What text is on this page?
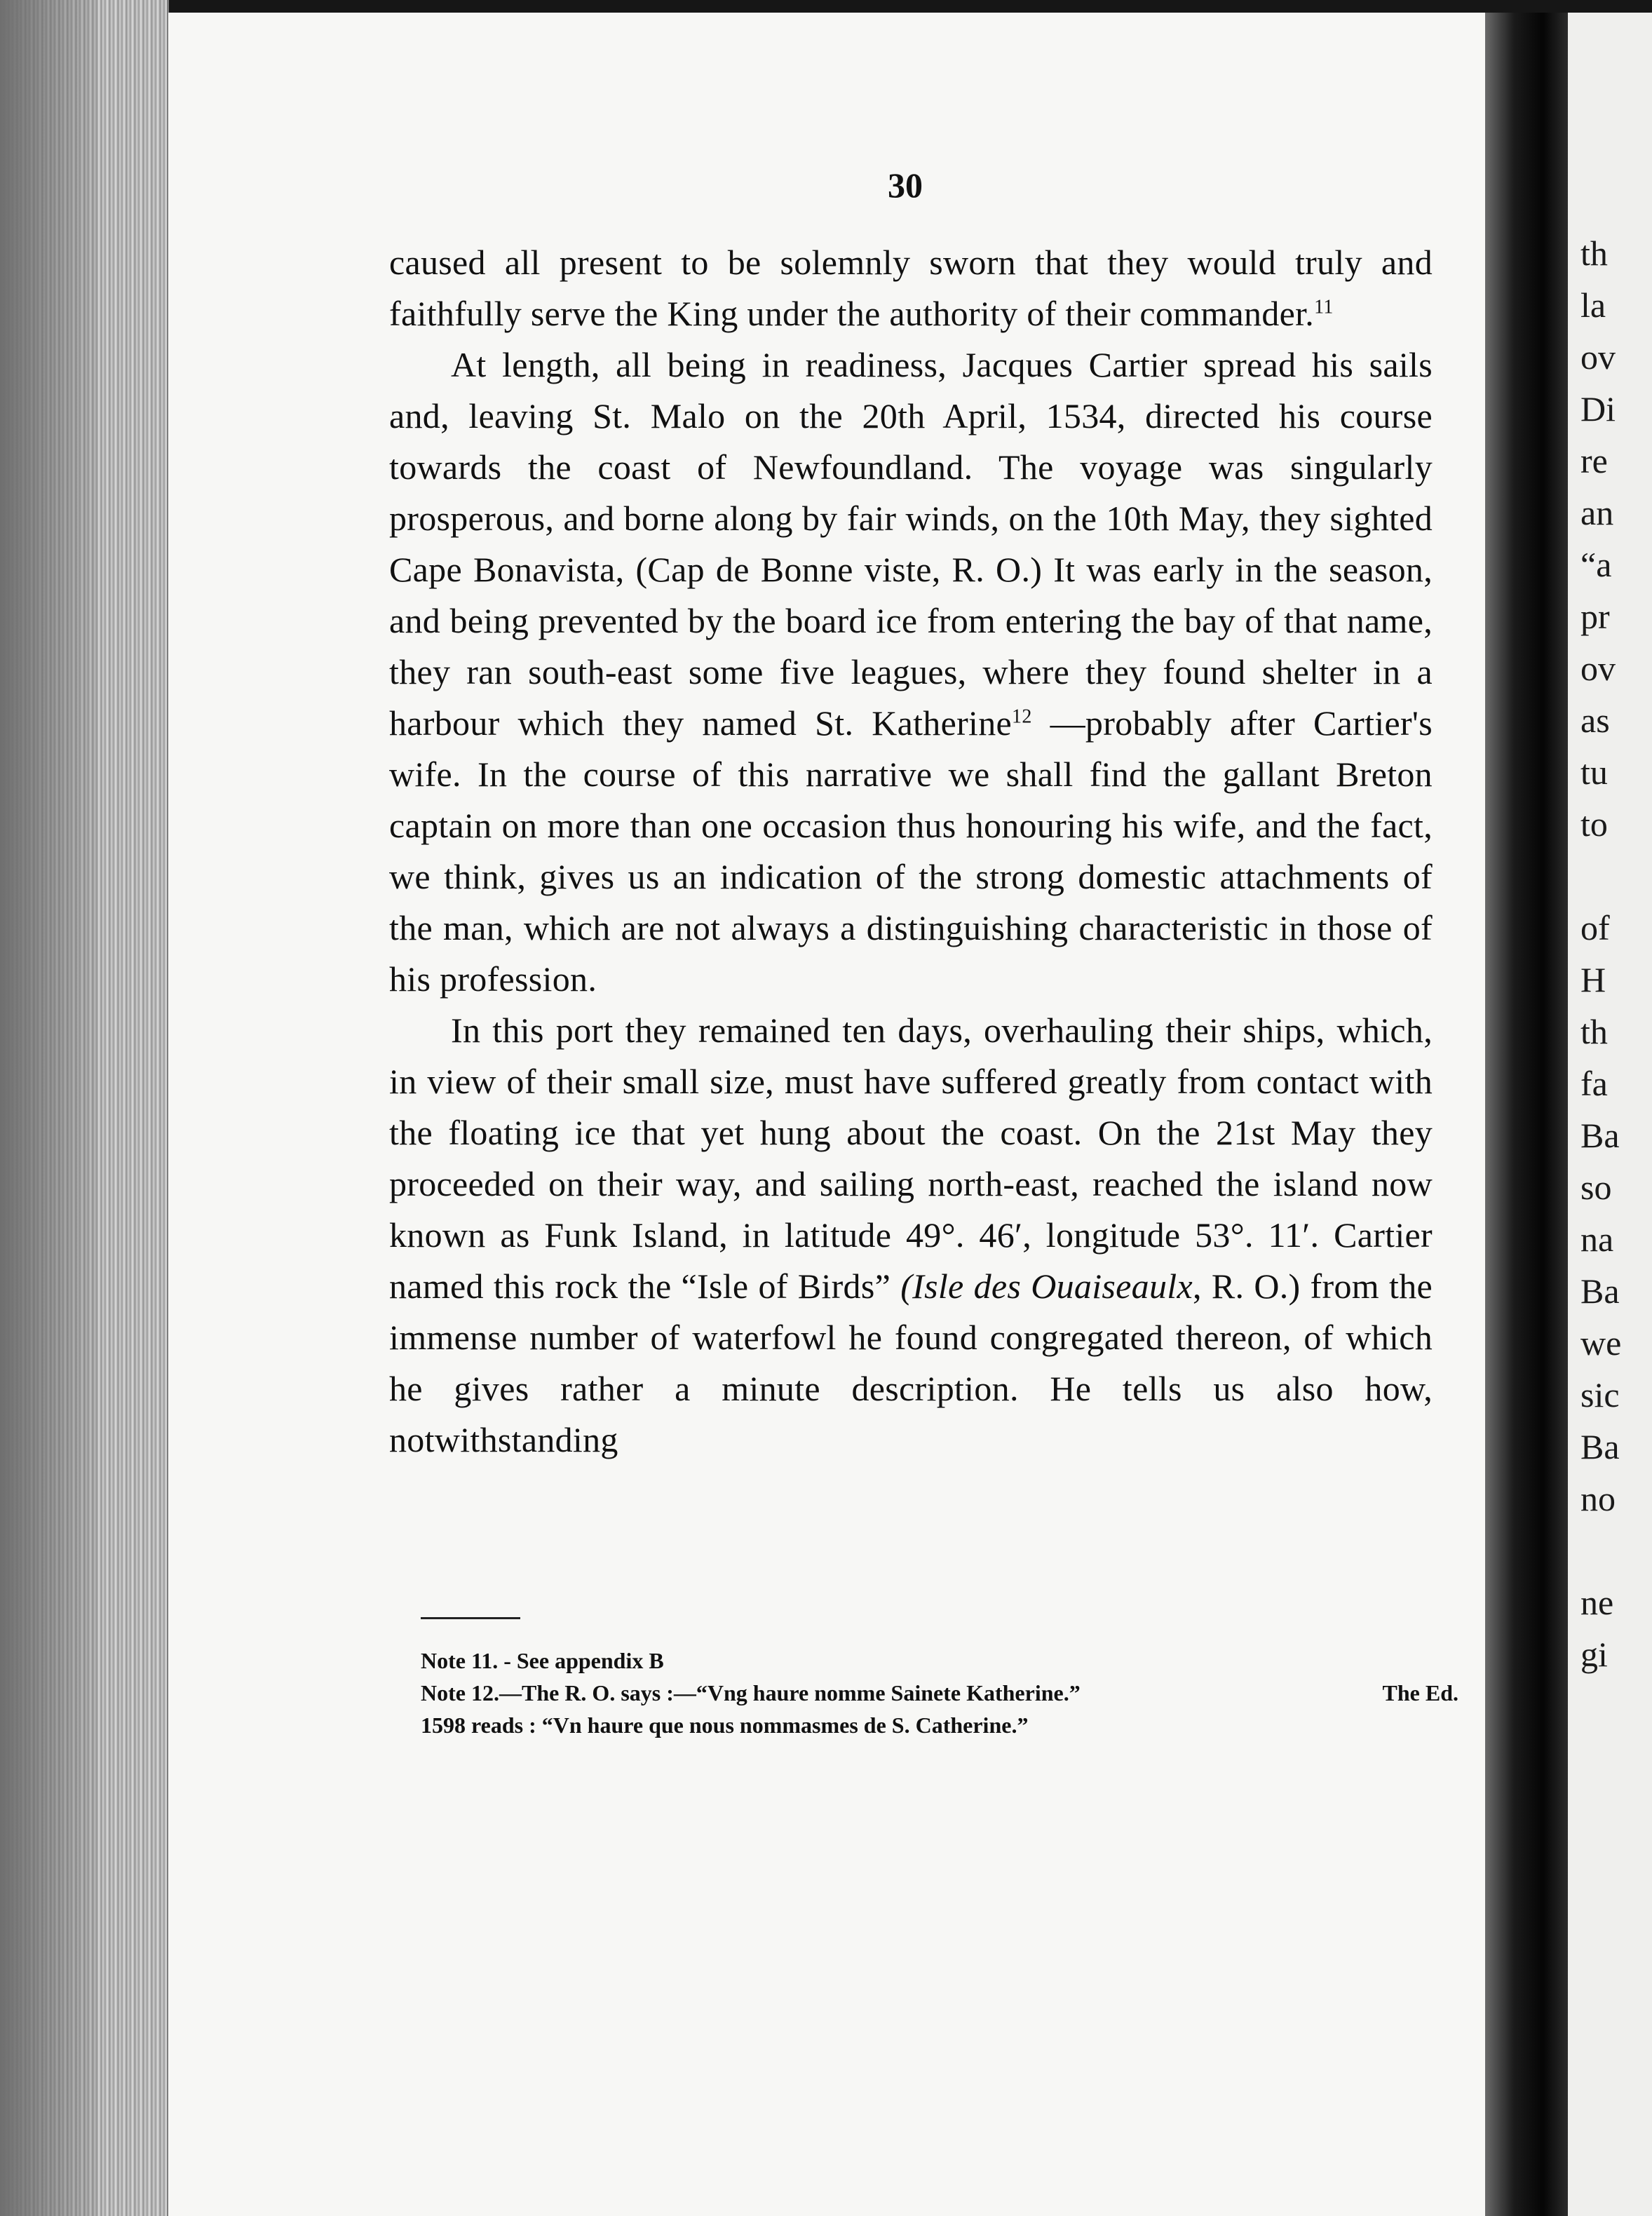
30

caused all present to be solemnly sworn that they would truly and faithfully serve the King under the authority of their commander.$^{11}$

At length, all being in readiness, Jacques Cartier spread his sails and, leaving St. Malo on the 20th April, 1534, directed his course towards the coast of Newfoundland. The voyage was singularly prosperous, and borne along by fair winds, on the 10th May, they sighted Cape Bonavista, (Cap de Bonne viste, R. O.) It was early in the season, and being prevented by the board ice from entering the bay of that name, they ran south-east some five leagues, where they found shelter in a harbour which they named St. Katherine$^{12}$ —probably after Cartier's wife. In the course of this narrative we shall find the gallant Breton captain on more than one occasion thus honouring his wife, and the fact, we think, gives us an indication of the strong domestic attachments of the man, which are not always a distinguishing characteristic in those of his profession.

In this port they remained ten days, overhauling their ships, which, in view of their small size, must have suffered greatly from contact with the floating ice that yet hung about the coast. On the 21st May they proceeded on their way, and sailing north-east, reached the island now known as Funk Island, in latitude 49°. 46′, longitude 53°. 11′. Cartier named this rock the “Isle of Birds” (Isle des Ouaiseaulx, R. O.) from the immense number of waterfowl he found congregated thereon, of which he gives rather a minute description. He tells us also how, notwithstanding

Note 11. - See appendix B

Note 12.—The R. O. says :—“Vng haure nomme Sainete Katherine.”	The Ed.

1598 reads : “Vn haure que nous nommasmes de S. Catherine.”

th
la
ov
Di
re
an
“a
pr
ov
as
tu
to
of
H
th
fa
Ba
so
na
Ba
we
sic
Ba
no
ne
gi
